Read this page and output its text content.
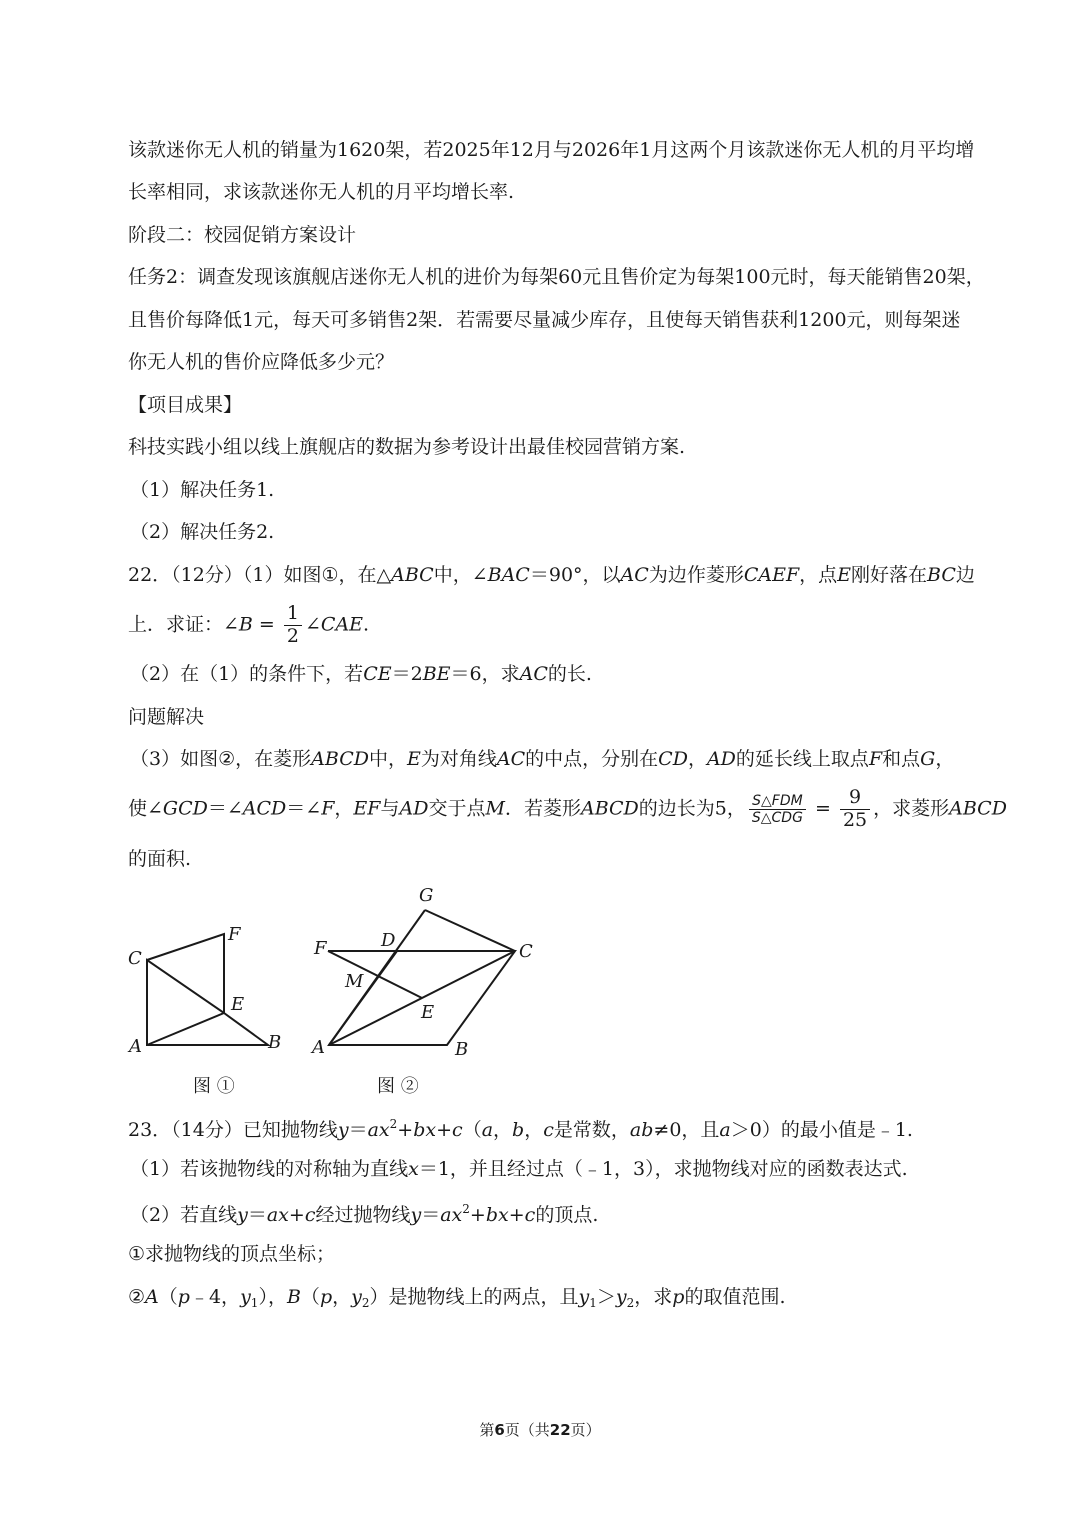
该款迷你无人机的销量为1620架，若2025年12月与2026年1月这两个月该款迷你无人机的月平均增
长率相同，求该款迷你无人机的月平均增长率.
阶段二：校园促销方案设计
任务2：调查发现该旗舰店迷你无人机的进价为每架60元且售价定为每架100元时，每天能销售20架，
且售价每降低1元，每天可多销售2架．若需要尽量减少库存，且使每天销售获利1200元，则每架迷
你无人机的售价应降低多少元？
【项目成果】
科技实践小组以线上旗舰店的数据为参考设计出最佳校园营销方案.
（1）解决任务1.
（2）解决任务2.
22．（12分）（1）如图①，在△ABC中，∠BAC＝90°，以AC为边作菱形CAEF，点E刚好落在BC边
上．求证：∠B = $\frac{1}{2}$ ∠CAE.
（2）在（1）的条件下，若CE＝2BE＝6，求AC的长.
问题解决
（3）如图②，在菱形ABCD中，E为对角线AC的中点，分别在CD，AD的延长线上取点F和点G，
使∠GCD＝∠ACD＝∠F，EF与AD交于点M．若菱形ABCD的边长为5， $\frac{\text{S△FDM}}{\text{S△CDG}} = \frac{9}{25}$ ，求菱形ABCD
的面积.
C
F
E
A	B
G
D
F	C
M
E
A	B
图 ①	图 ②
23．（14分）已知抛物线$y=ax^2+bx+c(a$，b，c是常数，ab≠0，且a＞0）的最小值是﹣1.
（1）若该抛物线的对称轴为直线x＝1，并且经过点（﹣1，3），求抛物线对应的函数表达式.
（2）若直线y＝ax+c经过抛物线$y=ax^2+bx+c$的顶点.
①求抛物线的顶点坐标；
②A（p﹣4，$y_1$），B（p，$y_2$）是抛物线上的两点，且$y_1>y_2$，求p的取值范围.
第6页（共22页）
